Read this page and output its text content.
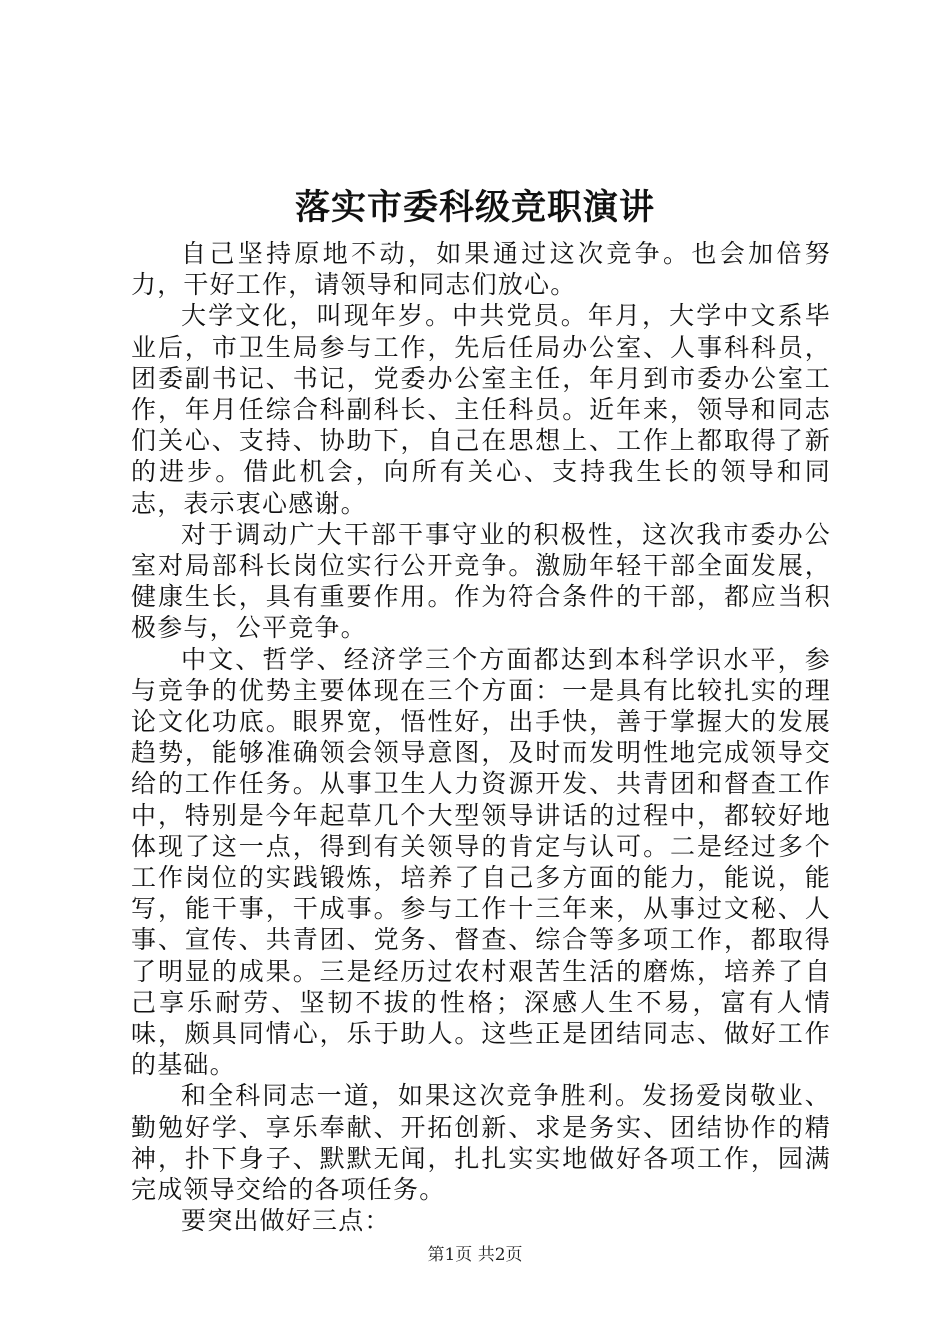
落实市委科级竞职演讲

自己坚持原地不动，如果通过这次竞争。也会加倍努力，干好工作，请领导和同志们放心。

大学文化，叫现年岁。中共党员。年月，大学中文系毕业后，市卫生局参与工作，先后任局办公室、人事科科员，团委副书记、书记，党委办公室主任，年月到市委办公室工作，年月任综合科副科长、主任科员。近年来，领导和同志们关心、支持、协助下，自己在思想上、工作上都取得了新的进步。借此机会，向所有关心、支持我生长的领导和同志，表示衷心感谢。

对于调动广大干部干事守业的积极性，这次我市委办公室对局部科长岗位实行公开竞争。激励年轻干部全面发展，健康生长，具有重要作用。作为符合条件的干部，都应当积极参与，公平竞争。

中文、哲学、经济学三个方面都达到本科学识水平，参与竞争的优势主要体现在三个方面：一是具有比较扎实的理论文化功底。眼界宽，悟性好，出手快，善于掌握大的发展趋势，能够准确领会领导意图，及时而发明性地完成领导交给的工作任务。从事卫生人力资源开发、共青团和督查工作中，特别是今年起草几个大型领导讲话的过程中，都较好地体现了这一点，得到有关领导的肯定与认可。二是经过多个工作岗位的实践锻炼，培养了自己多方面的能力，能说，能写，能干事，干成事。参与工作十三年来，从事过文秘、人事、宣传、共青团、党务、督查、综合等多项工作，都取得了明显的成果。三是经历过农村艰苦生活的磨炼，培养了自己享乐耐劳、坚韧不拔的性格；深感人生不易，富有人情味，颇具同情心，乐于助人。这些正是团结同志、做好工作的基础。

和全科同志一道，如果这次竞争胜利。发扬爱岗敬业、勤勉好学、享乐奉献、开拓创新、求是务实、团结协作的精神，扑下身子、默默无闻，扎扎实实地做好各项工作，园满完成领导交给的各项任务。

要突出做好三点：

第1页 共2页
